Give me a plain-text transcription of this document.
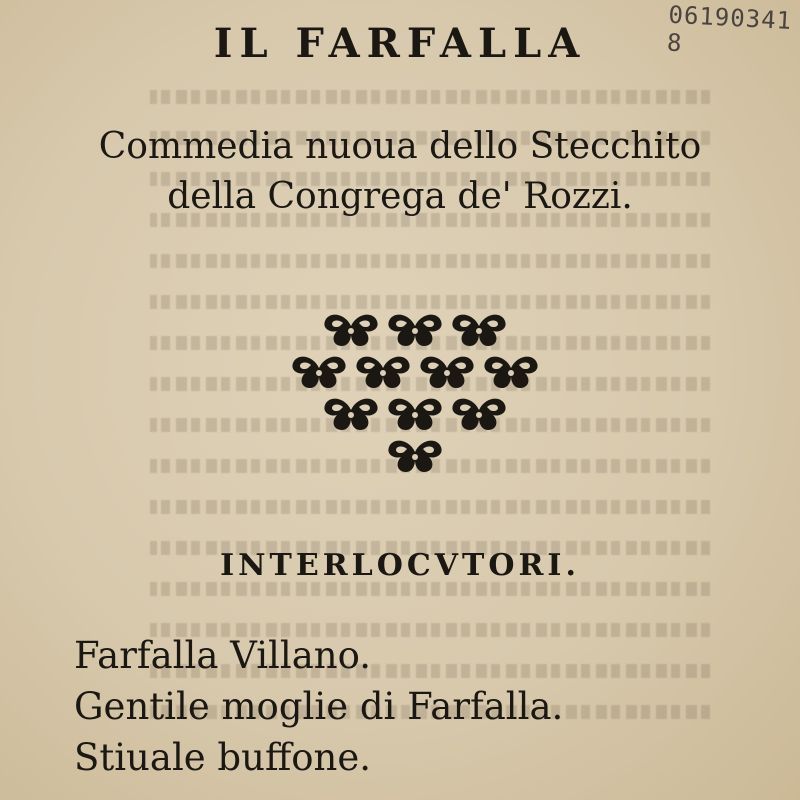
06190341 8
IL FARFALLA
Commedia nuoua dello Stecchito
della Congrega de' Rozzi.
INTERLOCVTORI.
Farfalla Villano.
Gentile moglie di Farfalla.
Stiuale buffone.
